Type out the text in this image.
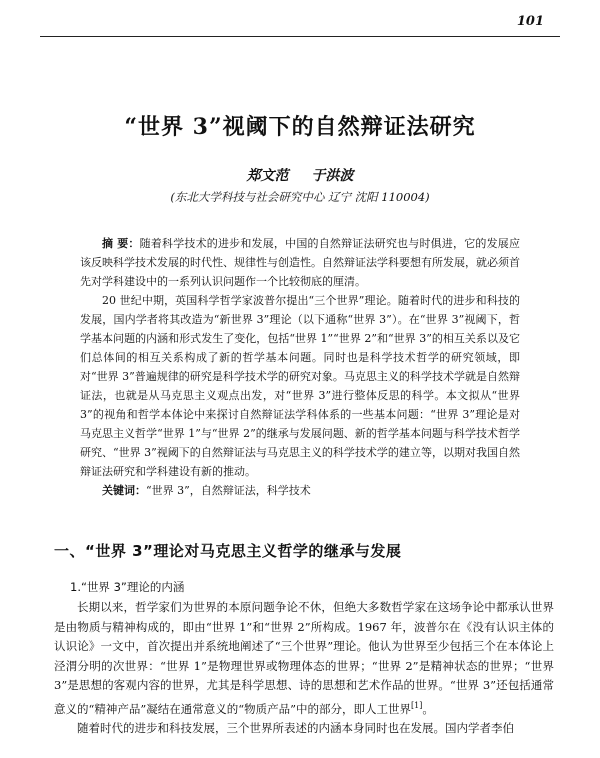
101
“世界 3”视阈下的自然辩证法研究
郑文范 于洪波
(东北大学科技与社会研究中心 辽宁 沈阳 110004)

摘 要：随着科学技术的进步和发展，中国的自然辩证法研究也与时俱进，它的发展应该反映科学技术发展的时代性、规律性与创造性。自然辩证法学科要想有所发展，就必须首先对学科建设中的一系列认识问题作一个比较彻底的厘清。

20 世纪中期，英国科学哲学家波普尔提出“三个世界”理论。随着时代的进步和科技的发展，国内学者将其改造为“新世界 3”理论（以下通称“世界 3”）。在“世界 3”视阈下，哲学基本问题的内涵和形式发生了变化，包括“世界 1”“世界 2”和“世界 3”的相互关系以及它们总体间的相互关系构成了新的哲学基本问题。同时也是科学技术哲学的研究领域，即对“世界 3”普遍规律的研究是科学技术学的研究对象。马克思主义的科学技术学就是自然辩证法，也就是从马克思主义观点出发，对“世界 3”进行整体反思的科学。本文拟从“世界 3”的视角和哲学本体论中来探讨自然辩证法学科体系的一些基本问题：“世界 3”理论是对马克思主义哲学“世界 1”与“世界 2”的继承与发展问题、新的哲学基本问题与科学技术哲学研究、“世界 3”视阈下的自然辩证法与马克思主义的科学技术学的建立等，以期对我国自然辩证法研究和学科建设有新的推动。

关键词：“世界 3”，自然辩证法，科学技术

一、“世界 3”理论对马克思主义哲学的继承与发展
1.“世界 3”理论的内涵

长期以来，哲学家们为世界的本原问题争论不休，但绝大多数哲学家在这场争论中都承认世界是由物质与精神构成的，即由“世界 1”和“世界 2”所构成。1967 年，波普尔在《没有认识主体的认识论》一文中，首次提出并系统地阐述了“三个世界”理论。他认为世界至少包括三个在本体论上泾渭分明的次世界：“世界 1”是物理世界或物理体态的世界；“世界 2”是精神状态的世界；“世界 3”是思想的客观内容的世界，尤其是科学思想、诗的思想和艺术作品的世界。“世界 3”还包括通常意义的“精神产品”凝结在通常意义的“物质产品”中的部分，即人工世界[1]。

随着时代的进步和科技发展，三个世界所表述的内涵本身同时也在发展。国内学者李伯
